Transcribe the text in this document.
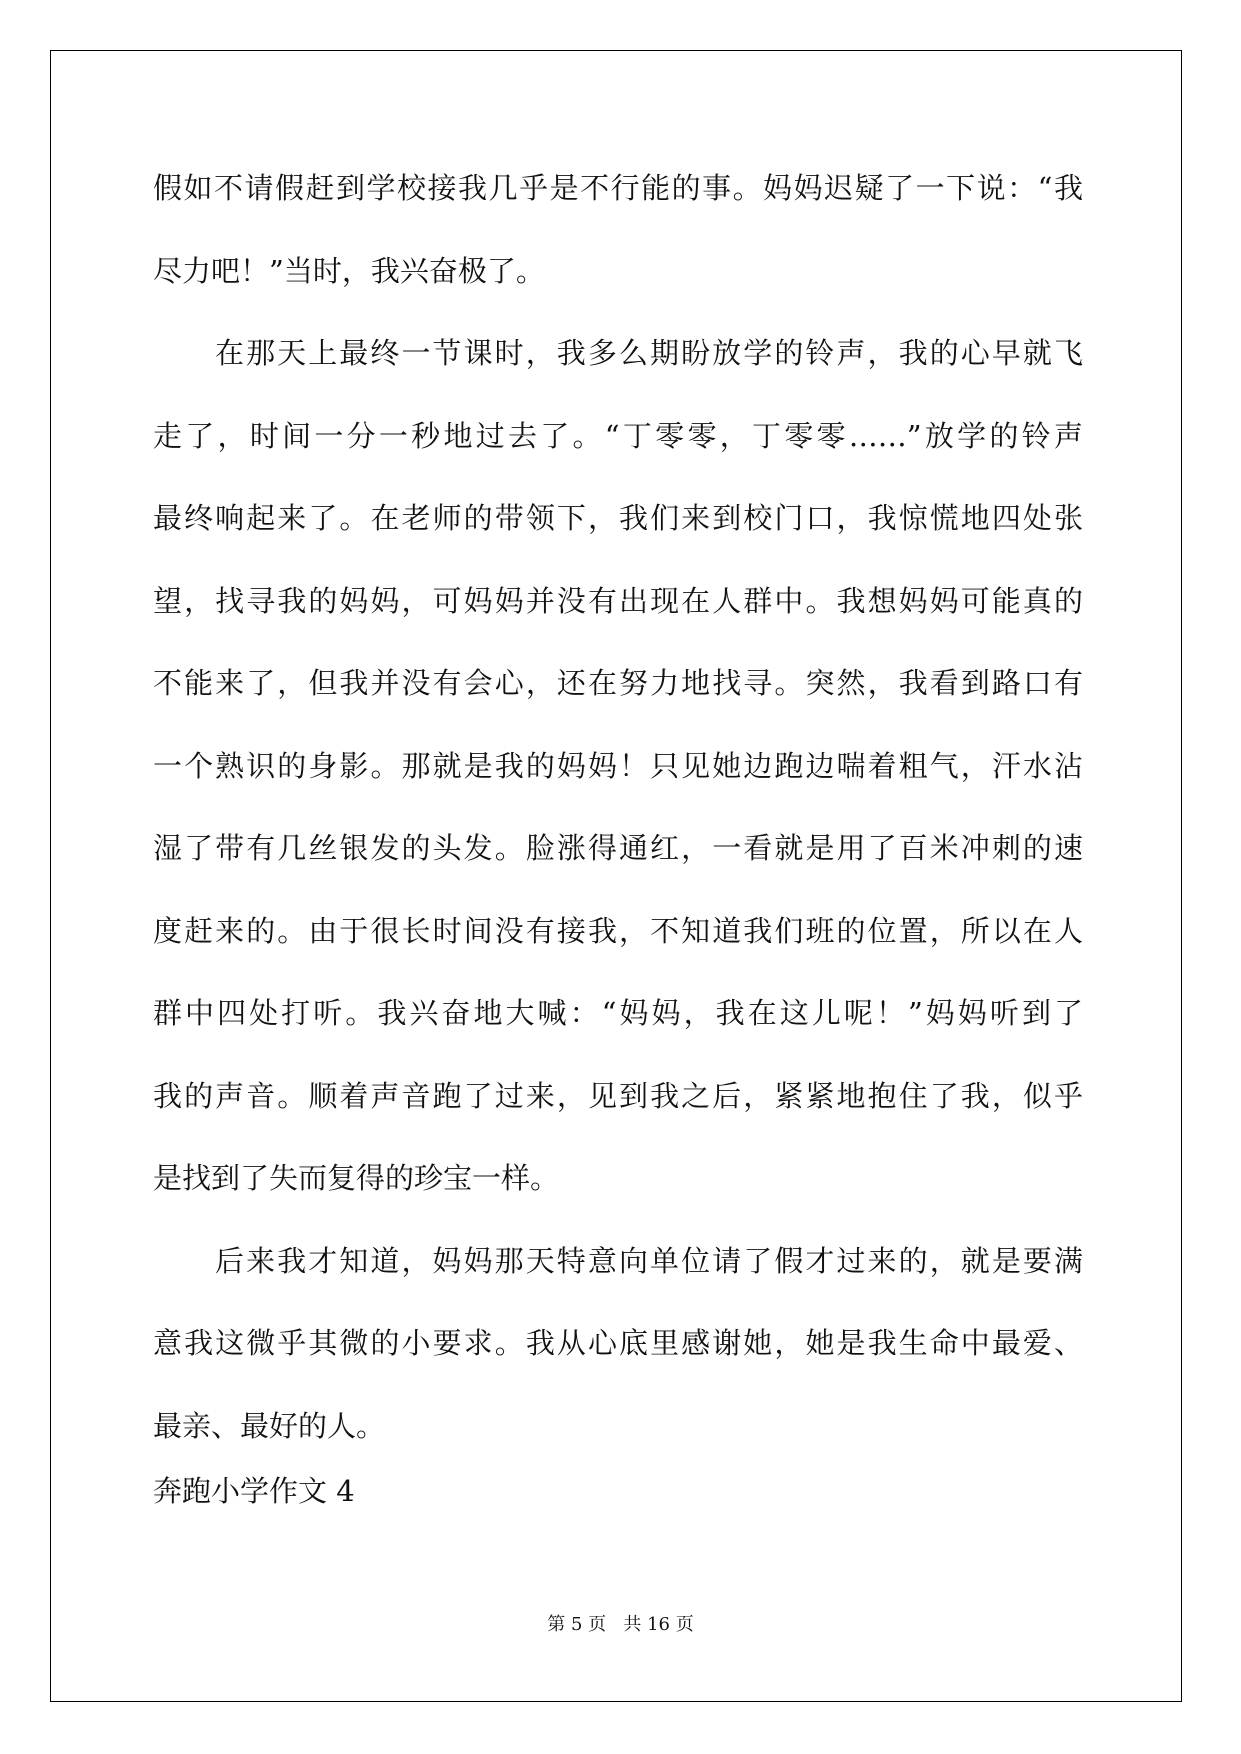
假如不请假赶到学校接我几乎是不行能的事。妈妈迟疑了一下说：“我
尽力吧！”当时，我兴奋极了。
在那天上最终一节课时，我多么期盼放学的铃声，我的心早就飞
走了，时间一分一秒地过去了。“丁零零，丁零零……”放学的铃声
最终响起来了。在老师的带领下，我们来到校门口，我惊慌地四处张
望，找寻我的妈妈，可妈妈并没有出现在人群中。我想妈妈可能真的
不能来了，但我并没有会心，还在努力地找寻。突然，我看到路口有
一个熟识的身影。那就是我的妈妈！只见她边跑边喘着粗气，汗水沾
湿了带有几丝银发的头发。脸涨得通红，一看就是用了百米冲刺的速
度赶来的。由于很长时间没有接我，不知道我们班的位置，所以在人
群中四处打听。我兴奋地大喊：“妈妈，我在这儿呢！”妈妈听到了
我的声音。顺着声音跑了过来，见到我之后，紧紧地抱住了我，似乎
是找到了失而复得的珍宝一样。
后来我才知道，妈妈那天特意向单位请了假才过来的，就是要满
意我这微乎其微的小要求。我从心底里感谢她，她是我生命中最爱、
最亲、最好的人。
奔跑小学作文 4
第 5 页   共 16 页
